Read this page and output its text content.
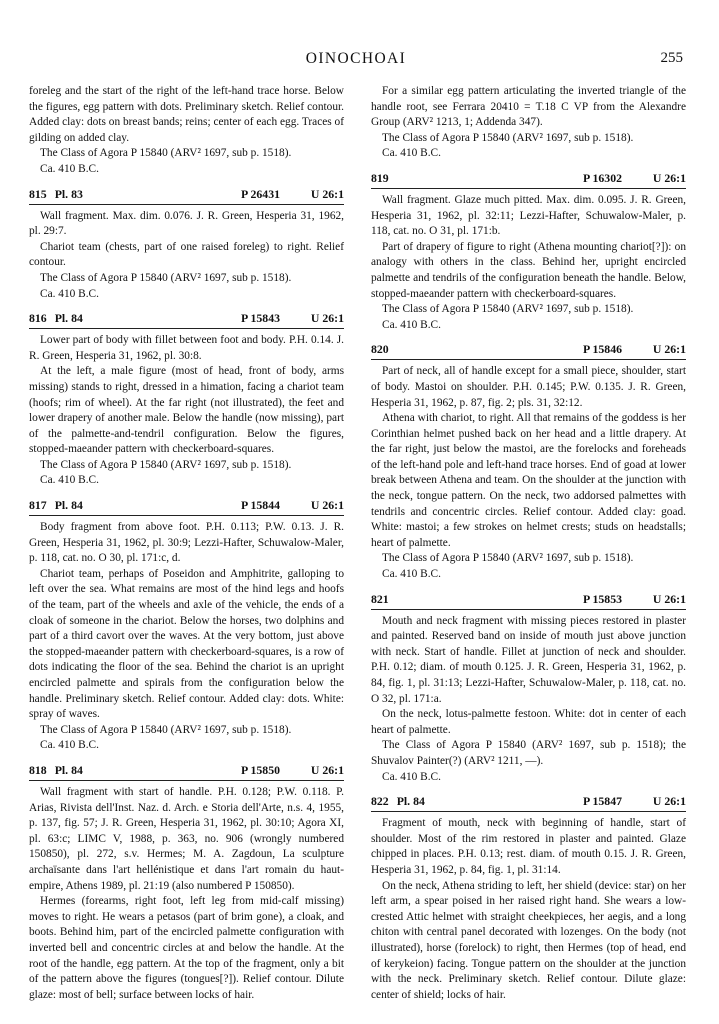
OINOCHOAI	255

foreleg and the start of the right of the left-hand trace horse. Below the figures, egg pattern with dots. Preliminary sketch. Relief contour. Added clay: dots on breast bands; reins; center of each egg. Traces of gilding on added clay.

The Class of Agora P 15840 (ARV² 1697, sub p. 1518).

Ca. 410 B.C.

815 Pl. 83	P 26431	U 26:1

Wall fragment. Max. dim. 0.076. J. R. Green, Hesperia 31, 1962, pl. 29:7.

Chariot team (chests, part of one raised foreleg) to right. Relief contour.

The Class of Agora P 15840 (ARV² 1697, sub p. 1518).

Ca. 410 B.C.

816 Pl. 84	P 15843	U 26:1

Lower part of body with fillet between foot and body. P.H. 0.14. J. R. Green, Hesperia 31, 1962, pl. 30:8.

At the left, a male figure (most of head, front of body, arms missing) stands to right, dressed in a himation, facing a chariot team (hoofs; rim of wheel). At the far right (not illustrated), the feet and lower drapery of another male. Below the handle (now missing), part of the palmette-and-tendril configuration. Below the figures, stopped-maeander pattern with checkerboard-squares.

The Class of Agora P 15840 (ARV² 1697, sub p. 1518).

Ca. 410 B.C.

817 Pl. 84	P 15844	U 26:1

Body fragment from above foot. P.H. 0.113; P.W. 0.13. J. R. Green, Hesperia 31, 1962, pl. 30:9; Lezzi-Hafter, Schuwalow-Maler, p. 118, cat. no. O 30, pl. 171:c, d.

Chariot team, perhaps of Poseidon and Amphitrite, galloping to left over the sea. What remains are most of the hind legs and hoofs of the team, part of the wheels and axle of the vehicle, the ends of a cloak of someone in the chariot. Below the horses, two dolphins and part of a third cavort over the waves. At the very bottom, just above the stopped-maeander pattern with checkerboard-squares, is a row of dots indicating the floor of the sea. Behind the chariot is an upright encircled palmette and spirals from the configuration below the handle. Preliminary sketch. Relief contour. Added clay: dots. White: spray of waves.

The Class of Agora P 15840 (ARV² 1697, sub p. 1518).

Ca. 410 B.C.

818 Pl. 84	P 15850	U 26:1

Wall fragment with start of handle. P.H. 0.128; P.W. 0.118. P. Arias, Rivista dell'Inst. Naz. d. Arch. e Storia dell'Arte, n.s. 4, 1955, p. 137, fig. 57; J. R. Green, Hesperia 31, 1962, pl. 30:10; Agora XI, pl. 63:c; LIMC V, 1988, p. 363, no. 906 (wrongly numbered 150850), pl. 272, s.v. Hermes; M. A. Zagdoun, La sculpture archaïsante dans l'art hellénistique et dans l'art romain du haut-empire, Athens 1989, pl. 21:19 (also numbered P 150850).

Hermes (forearms, right foot, left leg from mid-calf missing) moves to right. He wears a petasos (part of brim gone), a cloak, and boots. Behind him, part of the encircled palmette configuration with inverted bell and concentric circles at and below the handle. At the root of the handle, egg pattern. At the top of the fragment, only a bit of the pattern above the figures (tongues[?]). Relief contour. Dilute glaze: most of bell; surface between locks of hair.

For a similar egg pattern articulating the inverted triangle of the handle root, see Ferrara 20410 = T.18 C VP from the Alexandre Group (ARV² 1213, 1; Addenda 347).

The Class of Agora P 15840 (ARV² 1697, sub p. 1518).

Ca. 410 B.C.

819	P 16302	U 26:1

Wall fragment. Glaze much pitted. Max. dim. 0.095. J. R. Green, Hesperia 31, 1962, pl. 32:11; Lezzi-Hafter, Schuwalow-Maler, p. 118, cat. no. O 31, pl. 171:b.

Part of drapery of figure to right (Athena mounting chariot[?]): on analogy with others in the class. Behind her, upright encircled palmette and tendrils of the configuration beneath the handle. Below, stopped-maeander pattern with checkerboard-squares.

The Class of Agora P 15840 (ARV² 1697, sub p. 1518).

Ca. 410 B.C.

820	P 15846	U 26:1

Part of neck, all of handle except for a small piece, shoulder, start of body. Mastoi on shoulder. P.H. 0.145; P.W. 0.135. J. R. Green, Hesperia 31, 1962, p. 87, fig. 2; pls. 31, 32:12.

Athena with chariot, to right. All that remains of the goddess is her Corinthian helmet pushed back on her head and a little drapery. At the far right, just below the mastoi, are the forelocks and foreheads of the left-hand pole and left-hand trace horses. End of goad at lower break between Athena and team. On the shoulder at the junction with the neck, tongue pattern. On the neck, two addorsed palmettes with tendrils and concentric circles. Relief contour. Added clay: goad. White: mastoi; a few strokes on helmet crests; studs on headstalls; heart of palmette.

The Class of Agora P 15840 (ARV² 1697, sub p. 1518).

Ca. 410 B.C.

821	P 15853	U 26:1

Mouth and neck fragment with missing pieces restored in plaster and painted. Reserved band on inside of mouth just above junction with neck. Start of handle. Fillet at junction of neck and shoulder. P.H. 0.12; diam. of mouth 0.125. J. R. Green, Hesperia 31, 1962, p. 84, fig. 1, pl. 31:13; Lezzi-Hafter, Schuwalow-Maler, p. 118, cat. no. O 32, pl. 171:a.

On the neck, lotus-palmette festoon. White: dot in center of each heart of palmette.

The Class of Agora P 15840 (ARV² 1697, sub p. 1518); the Shuvalov Painter(?) (ARV² 1211, —).

Ca. 410 B.C.

822 Pl. 84	P 15847	U 26:1

Fragment of mouth, neck with beginning of handle, start of shoulder. Most of the rim restored in plaster and painted. Glaze chipped in places. P.H. 0.13; rest. diam. of mouth 0.15. J. R. Green, Hesperia 31, 1962, p. 84, fig. 1, pl. 31:14.

On the neck, Athena striding to left, her shield (device: star) on her left arm, a spear poised in her raised right hand. She wears a low-crested Attic helmet with straight cheekpieces, her aegis, and a long chiton with central panel decorated with lozenges. On the body (not illustrated), horse (forelock) to right, then Hermes (top of head, end of kerykeion) facing. Tongue pattern on the shoulder at the junction with the neck. Preliminary sketch. Relief contour. Dilute glaze: center of shield; locks of hair.
